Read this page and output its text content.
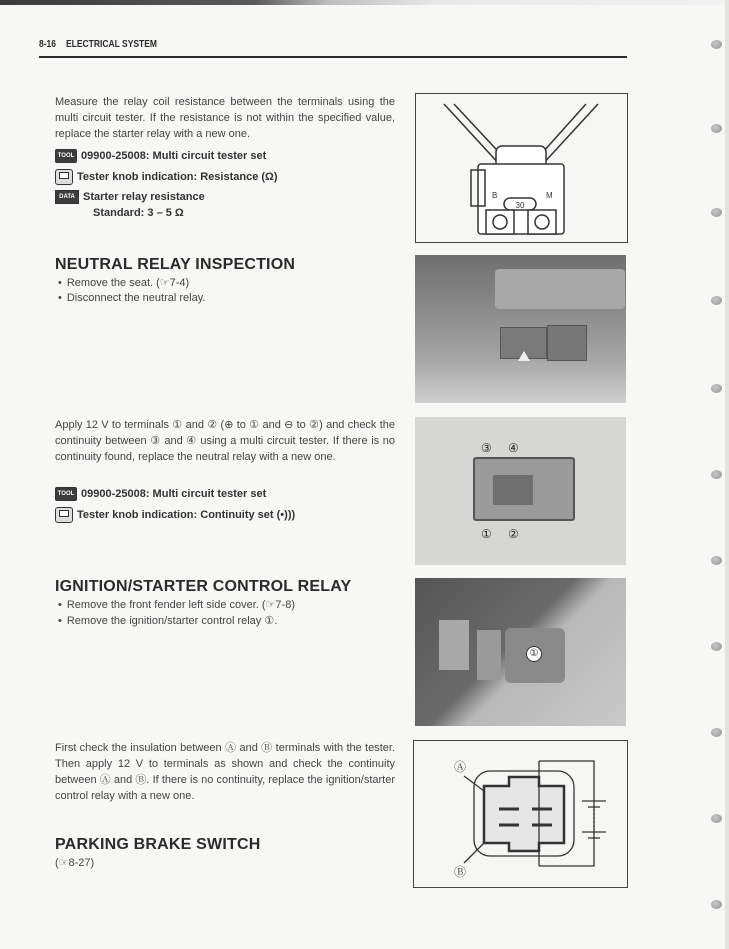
8-16 ELECTRICAL SYSTEM
Measure the relay coil resistance between the terminals using the multi circuit tester. If the resistance is not within the specified value, replace the starter relay with a new one.
TOOL 09900-25008: Multi circuit tester set
Tester knob indication: Resistance (Ω)
DATA Starter relay resistance
Standard: 3 – 5 Ω
30
B	M
NEUTRAL RELAY INSPECTION
• Remove the seat. (☞7-4)
• Disconnect the neutral relay.
Apply 12 V to terminals ① and ② (⊕ to ① and ⊖ to ②) and check the continuity between ③ and ④ using a multi circuit tester. If there is no continuity found, replace the neutral relay with a new one.
TOOL 09900-25008: Multi circuit tester set
Tester knob indication: Continuity set (•)))
③ ④
① ②
IGNITION/STARTER CONTROL RELAY
• Remove the front fender left side cover. (☞7-8)
• Remove the ignition/starter control relay ①.
①
First check the insulation between Ⓐ and Ⓑ terminals with the tester. Then apply 12 V to terminals as shown and check the continuity between Ⓐ and Ⓑ. If there is no continuity, replace the ignition/starter control relay with a new one.
Ⓐ
Ⓑ
PARKING BRAKE SWITCH
(☞8-27)
